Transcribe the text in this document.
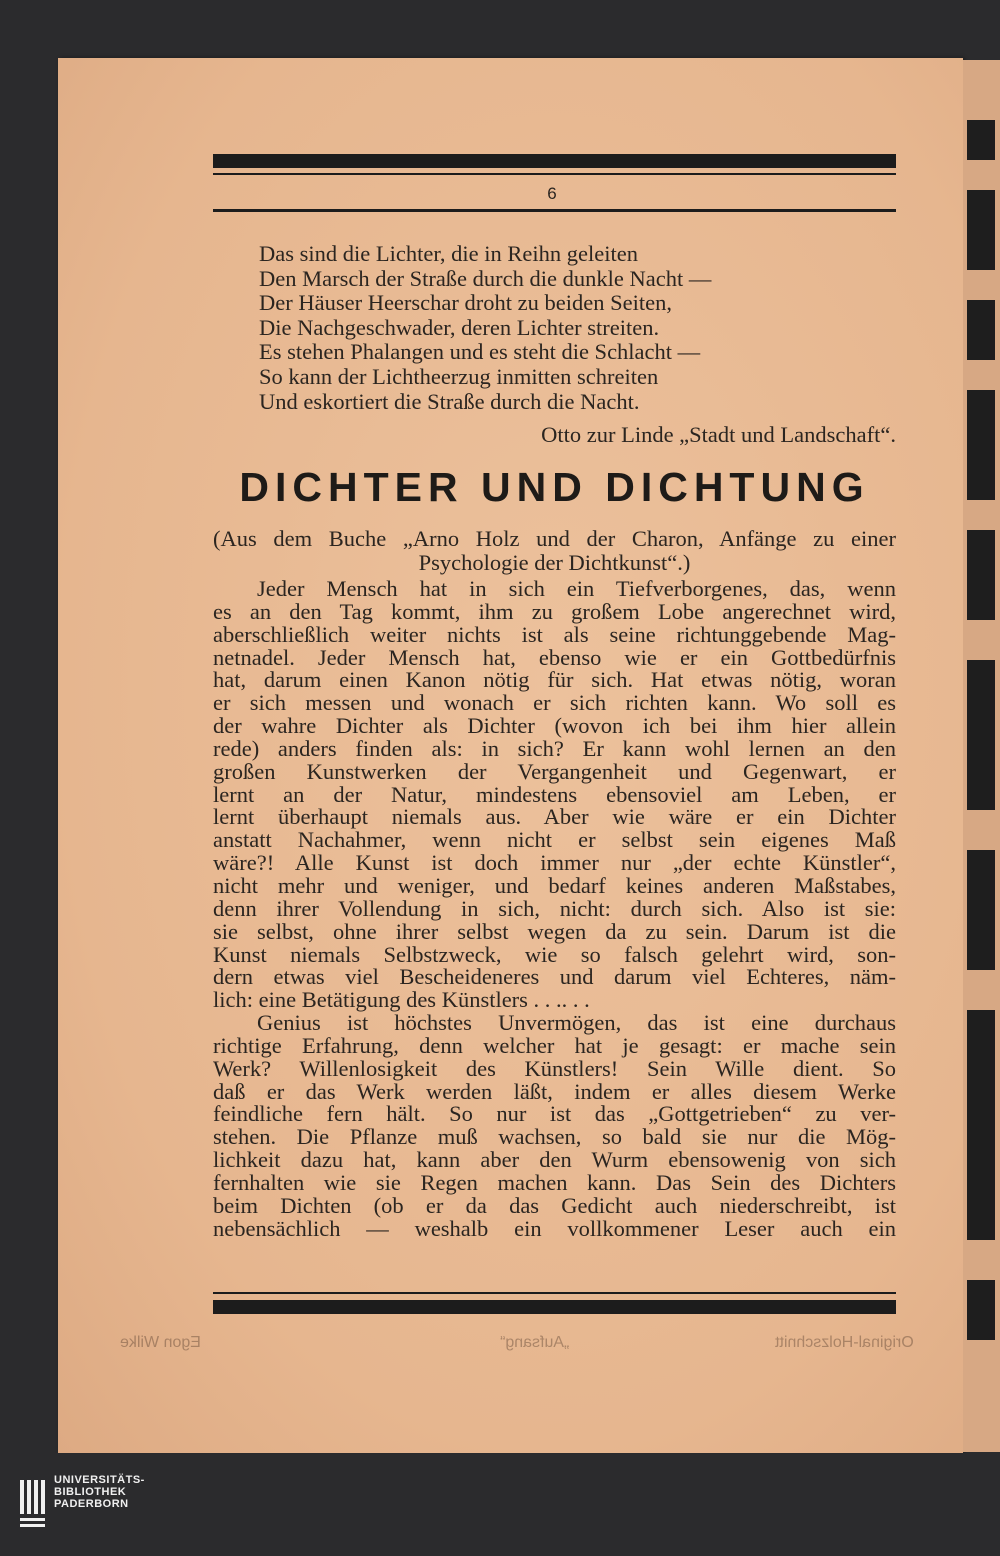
6
Das sind die Lichter, die in Reihn geleiten
Den Marsch der Straße durch die dunkle Nacht —
Der Häuser Heerschar droht zu beiden Seiten,
Die Nachgeschwader, deren Lichter streiten.
Es stehen Phalangen und es steht die Schlacht —
So kann der Lichtheerzug inmitten schreiten
Und eskortiert die Straße durch die Nacht.
Otto zur Linde „Stadt und Landschaft“.
DICHTER UND DICHTUNG
(Aus dem Buche „Arno Holz und der Charon, Anfänge zu einer
Psychologie der Dichtkunst“.)
Jeder Mensch hat in sich ein Tiefverborgenes, das, wenn
es an den Tag kommt, ihm zu großem Lobe angerechnet wird,
aberschließlich weiter nichts ist als seine richtunggebende Mag-
netnadel. Jeder Mensch hat, ebenso wie er ein Gottbedürfnis
hat, darum einen Kanon nötig für sich. Hat etwas nötig, woran
er sich messen und wonach er sich richten kann. Wo soll es
der wahre Dichter als Dichter (wovon ich bei ihm hier allein
rede) anders finden als: in sich? Er kann wohl lernen an den
großen Kunstwerken der Vergangenheit und Gegenwart, er
lernt an der Natur, mindestens ebensoviel am Leben, er
lernt überhaupt niemals aus. Aber wie wäre er ein Dichter
anstatt Nachahmer, wenn nicht er selbst sein eigenes Maß
wäre?! Alle Kunst ist doch immer nur „der echte Künstler“,
nicht mehr und weniger, und bedarf keines anderen Maßstabes,
denn ihrer Vollendung in sich, nicht: durch sich. Also ist sie:
sie selbst, ohne ihrer selbst wegen da zu sein. Darum ist die
Kunst niemals Selbstzweck, wie so falsch gelehrt wird, son-
dern etwas viel Bescheideneres und darum viel Echteres, näm-
lich: eine Betätigung des Künstlers . . .. . .
Genius ist höchstes Unvermögen, das ist eine durchaus
richtige Erfahrung, denn welcher hat je gesagt: er mache sein
Werk? Willenlosigkeit des Künstlers! Sein Wille dient. So
daß er das Werk werden läßt, indem er alles diesem Werke
feindliche fern hält. So nur ist das „Gottgetrieben“ zu ver-
stehen. Die Pflanze muß wachsen, so bald sie nur die Mög-
lichkeit dazu hat, kann aber den Wurm ebensowenig von sich
fernhalten wie sie Regen machen kann. Das Sein des Dichters
beim Dichten (ob er da das Gedicht auch niederschreibt, ist
nebensächlich — weshalb ein vollkommener Leser auch ein
Egon Wilke	„Aufsang“	Original-Holzschnitt
UNIVERSITÄTS-
BIBLIOTHEK
PADERBORN
